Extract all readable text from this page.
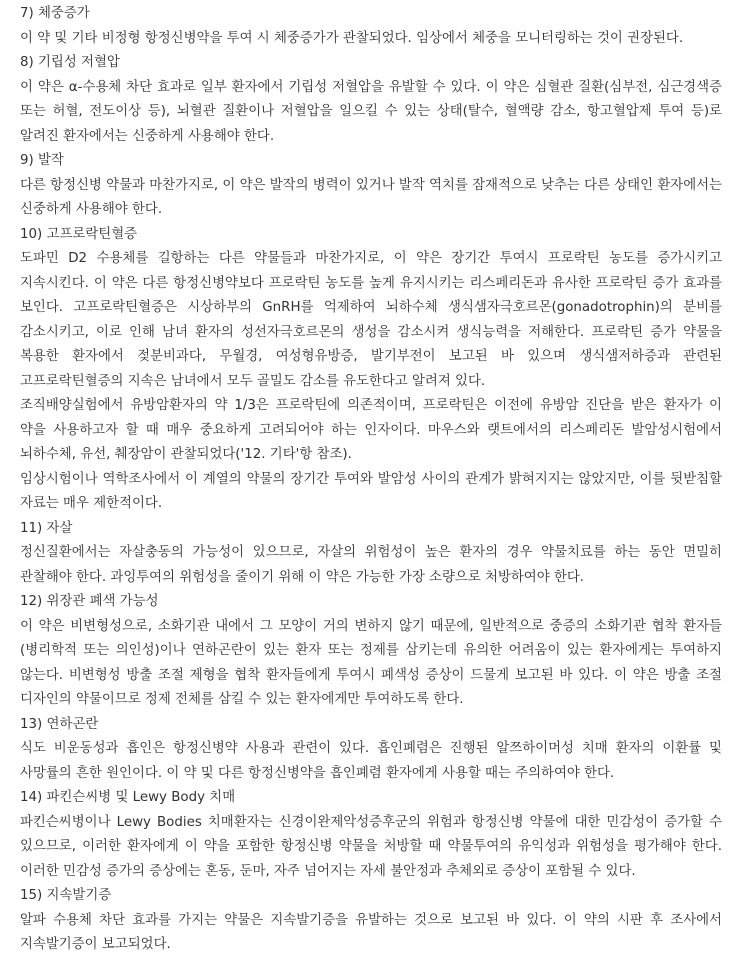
7) 체중증가
이 약 및 기타 비정형 항정신병약을 투여 시 체중증가가 관찰되었다. 임상에서 체중을 모니터링하는 것이 권장된다.
8) 기립성 저혈압
이 약은 α-수용체 차단 효과로 일부 환자에서 기립성 저혈압을 유발할 수 있다. 이 약은 심혈관 질환(심부전, 심근경색증 또는 허혈, 전도이상 등), 뇌혈관 질환이나 저혈압을 일으킬 수 있는 상태(탈수, 혈액량 감소, 항고혈압제 투여 등)로 알려진 환자에서는 신중하게 사용해야 한다.
9) 발작
다른 항정신병 약물과 마찬가지로, 이 약은 발작의 병력이 있거나 발작 역치를 잠재적으로 낮추는 다른 상태인 환자에서는 신중하게 사용해야 한다.
10) 고프로락틴혈증
도파민 D2 수용체를 길항하는 다른 약물들과 마찬가지로, 이 약은 장기간 투여시 프로락틴 농도를 증가시키고 지속시킨다. 이 약은 다른 항정신병약보다 프로락틴 농도를 높게 유지시키는 리스페리돈과 유사한 프로락틴 증가 효과를 보인다. 고프로락틴혈증은 시상하부의 GnRH를 억제하여 뇌하수체 생식샘자극호르몬(gonadotrophin)의 분비를 감소시키고, 이로 인해 남녀 환자의 성선자극호르몬의 생성을 감소시켜 생식능력을 저해한다. 프로락틴 증가 약물을 복용한 환자에서 젖분비과다, 무월경, 여성형유방증, 발기부전이 보고된 바 있으며 생식샘저하증과 관련된 고프로락틴혈증의 지속은 남녀에서 모두 골밀도 감소를 유도한다고 알려져 있다.
조직배양실험에서 유방암환자의 약 1/3은 프로락틴에 의존적이며, 프로락틴은 이전에 유방암 진단을 받은 환자가 이 약을 사용하고자 할 때 매우 중요하게 고려되어야 하는 인자이다. 마우스와 랫트에서의 리스페리돈 발암성시험에서 뇌하수체, 유선, 췌장암이 관찰되었다('12. 기타'항 참조).
임상시험이나 역학조사에서 이 계열의 약물의 장기간 투여와 발암성 사이의 관계가 밝혀지지는 않았지만, 이를 뒷받침할 자료는 매우 제한적이다.
11) 자살
정신질환에서는 자살충동의 가능성이 있으므로, 자살의 위험성이 높은 환자의 경우 약물치료를 하는 동안 면밀히 관찰해야 한다. 과잉투여의 위험성을 줄이기 위해 이 약은 가능한 가장 소량으로 처방하여야 한다.
12) 위장관 폐색 가능성
이 약은 비변형성으로, 소화기관 내에서 그 모양이 거의 변하지 않기 때문에, 일반적으로 중증의 소화기관 협착 환자들(병리학적 또는 의인성)이나 연하곤란이 있는 환자 또는 정제를 삼키는데 유의한 어려움이 있는 환자에게는 투여하지 않는다. 비변형성 방출 조절 제형을 협착 환자들에게 투여시 폐색성 증상이 드물게 보고된 바 있다. 이 약은 방출 조절 디자인의 약물이므로 정제 전체를 삼킬 수 있는 환자에게만 투여하도록 한다.
13) 연하곤란
식도 비운동성과 흡인은 항정신병약 사용과 관련이 있다. 흡인폐렴은 진행된 알쯔하이머성 치매 환자의 이환률 및 사망률의 흔한 원인이다. 이 약 및 다른 항정신병약을 흡인폐렴 환자에게 사용할 때는 주의하여야 한다.
14) 파킨슨씨병 및 Lewy Body 치매
파킨슨씨병이나 Lewy Bodies 치매환자는 신경이완제악성증후군의 위험과 항정신병 약물에 대한 민감성이 증가할 수 있으므로, 이러한 환자에게 이 약을 포함한 항정신병 약물을 처방할 때 약물투여의 유익성과 위험성을 평가해야 한다. 이러한 민감성 증가의 증상에는 혼동, 둔마, 자주 넘어지는 자세 불안정과 추체외로 증상이 포함될 수 있다.
15) 지속발기증
알파 수용체 차단 효과를 가지는 약물은 지속발기증을 유발하는 것으로 보고된 바 있다. 이 약의 시판 후 조사에서 지속발기증이 보고되었다.
